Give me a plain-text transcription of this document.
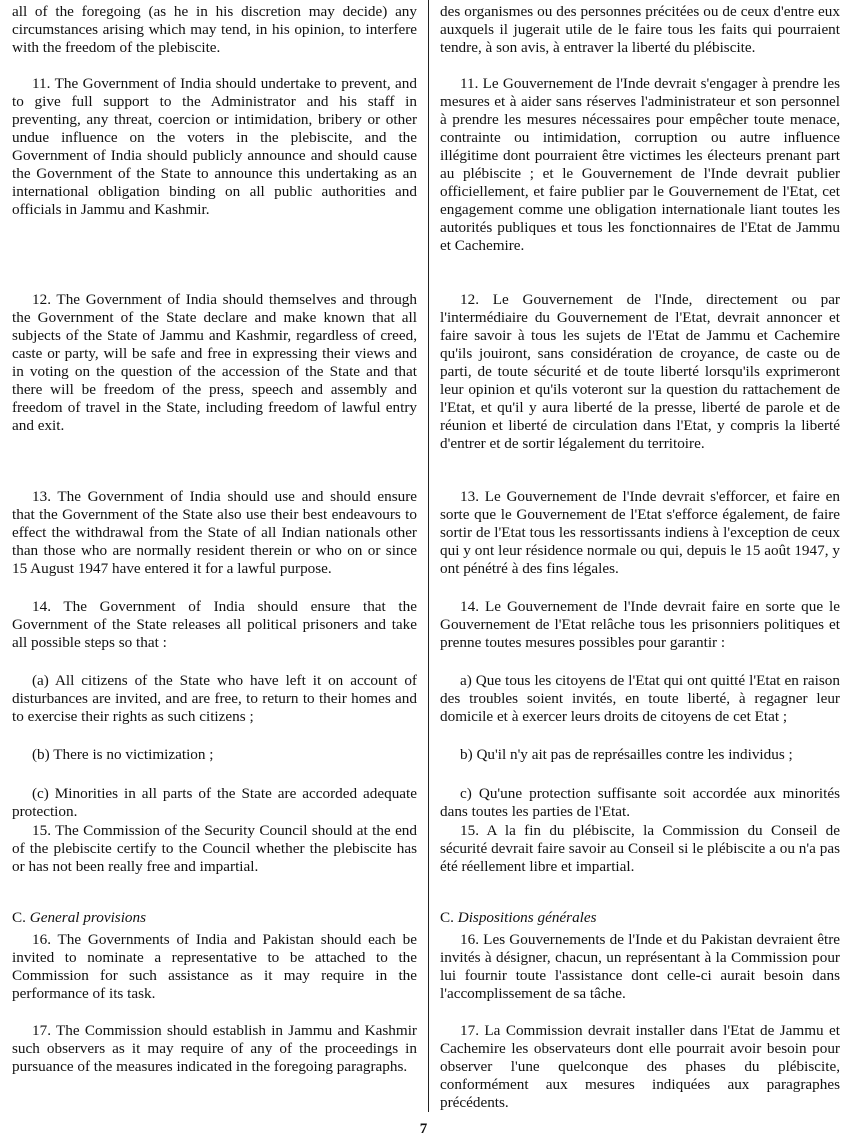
all of the foregoing (as he in his discretion may decide) any circumstances arising which may tend, in his opinion, to interfere with the freedom of the plebiscite.

11. The Government of India should undertake to prevent, and to give full support to the Administrator and his staff in preventing, any threat, coercion or intimidation, bribery or other undue influence on the voters in the plebiscite, and the Government of India should publicly announce and should cause the Government of the State to announce this undertaking as an international obligation binding on all public authorities and officials in Jammu and Kashmir.

12. The Government of India should themselves and through the Government of the State declare and make known that all subjects of the State of Jammu and Kashmir, regardless of creed, caste or party, will be safe and free in expressing their views and in voting on the question of the accession of the State and that there will be freedom of the press, speech and assembly and freedom of travel in the State, including freedom of lawful entry and exit.

13. The Government of India should use and should ensure that the Government of the State also use their best endeavours to effect the withdrawal from the State of all Indian nationals other than those who are normally resident therein or who on or since 15 August 1947 have entered it for a lawful purpose.

14. The Government of India should ensure that the Government of the State releases all political prisoners and take all possible steps so that :

(a) All citizens of the State who have left it on account of disturbances are invited, and are free, to return to their homes and to exercise their rights as such citizens ;

(b) There is no victimization ;

(c) Minorities in all parts of the State are accorded adequate protection.

15. The Commission of the Security Council should at the end of the plebiscite certify to the Council whether the plebiscite has or has not been really free and impartial.

C. General provisions

16. The Governments of India and Pakistan should each be invited to nominate a representative to be attached to the Commission for such assistance as it may require in the performance of its task.

17. The Commission should establish in Jammu and Kashmir such observers as it may require of any of the proceedings in pursuance of the measures indicated in the foregoing paragraphs.

des organismes ou des personnes précitées ou de ceux d'entre eux auxquels il jugerait utile de le faire tous les faits qui pourraient tendre, à son avis, à entraver la liberté du plébiscite.

11. Le Gouvernement de l'Inde devrait s'engager à prendre les mesures et à aider sans réserves l'administrateur et son personnel à prendre les mesures nécessaires pour empêcher toute menace, contrainte ou intimidation, corruption ou autre influence illégitime dont pourraient être victimes les électeurs prenant part au plébiscite ; et le Gouvernement de l'Inde devrait publier officiellement, et faire publier par le Gouvernement de l'Etat, cet engagement comme une obligation internationale liant toutes les autorités publiques et tous les fonctionnaires de l'Etat de Jammu et Cachemire.

12. Le Gouvernement de l'Inde, directement ou par l'intermédiaire du Gouvernement de l'Etat, devrait annoncer et faire savoir à tous les sujets de l'Etat de Jammu et Cachemire qu'ils jouiront, sans considération de croyance, de caste ou de parti, de toute sécurité et de toute liberté lorsqu'ils exprimeront leur opinion et qu'ils voteront sur la question du rattachement de l'Etat, et qu'il y aura liberté de la presse, liberté de parole et de réunion et liberté de circulation dans l'Etat, y compris la liberté d'entrer et de sortir légalement du territoire.

13. Le Gouvernement de l'Inde devrait s'efforcer, et faire en sorte que le Gouvernement de l'Etat s'efforce également, de faire sortir de l'Etat tous les ressortissants indiens à l'exception de ceux qui y ont leur résidence normale ou qui, depuis le 15 août 1947, y ont pénétré à des fins légales.

14. Le Gouvernement de l'Inde devrait faire en sorte que le Gouvernement de l'Etat relâche tous les prisonniers politiques et prenne toutes mesures possibles pour garantir :

a) Que tous les citoyens de l'Etat qui ont quitté l'Etat en raison des troubles soient invités, en toute liberté, à regagner leur domicile et à exercer leurs droits de citoyens de cet Etat ;

b) Qu'il n'y ait pas de représailles contre les individus ;

c) Qu'une protection suffisante soit accordée aux minorités dans toutes les parties de l'Etat.

15. A la fin du plébiscite, la Commission du Conseil de sécurité devrait faire savoir au Conseil si le plébiscite a ou n'a pas été réellement libre et impartial.

C. Dispositions générales

16. Les Gouvernements de l'Inde et du Pakistan devraient être invités à désigner, chacun, un représentant à la Commission pour lui fournir toute l'assistance dont celle-ci aurait besoin dans l'accomplissement de sa tâche.

17. La Commission devrait installer dans l'Etat de Jammu et Cachemire les observateurs dont elle pourrait avoir besoin pour observer l'une quelconque des phases du plébiscite, conformément aux mesures indiquées aux paragraphes précédents.

7
